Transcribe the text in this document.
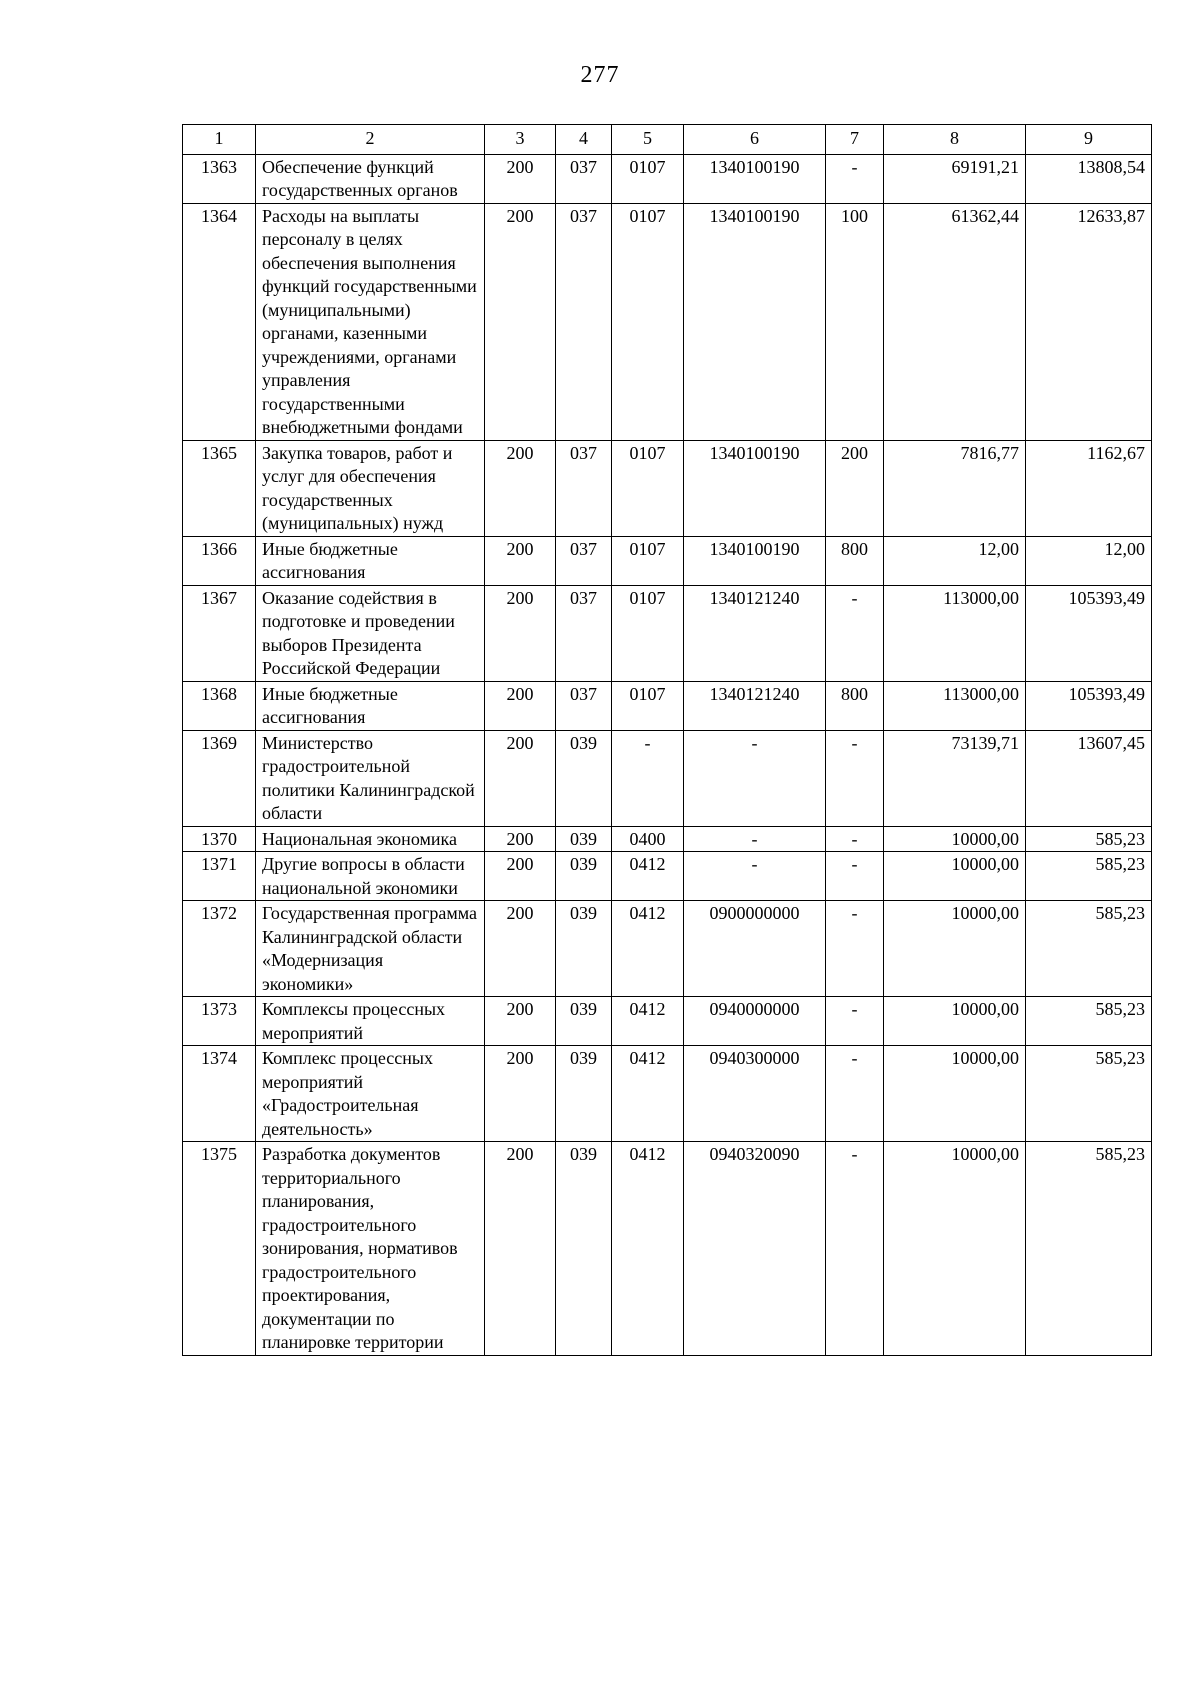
277
1	2	3	4	5	6	7	8	9
1363	Обеспечение функций государственных органов	200	037	0107	1340100190	-	69191,21	13808,54
1364	Расходы на выплаты персоналу в целях обеспечения выполнения функций государственными (муниципальными) органами, казенными учреждениями, органами управления государственными внебюджетными фондами	200	037	0107	1340100190	100	61362,44	12633,87
1365	Закупка товаров, работ и услуг для обеспечения государственных (муниципальных) нужд	200	037	0107	1340100190	200	7816,77	1162,67
1366	Иные бюджетные ассигнования	200	037	0107	1340100190	800	12,00	12,00
1367	Оказание содействия в подготовке и проведении выборов Президента Российской Федерации	200	037	0107	1340121240	-	113000,00	105393,49
1368	Иные бюджетные ассигнования	200	037	0107	1340121240	800	113000,00	105393,49
1369	Министерство градостроительной политики Калининградской области	200	039	-	-	-	73139,71	13607,45
1370	Национальная экономика	200	039	0400	-	-	10000,00	585,23
1371	Другие вопросы в области национальной экономики	200	039	0412	-	-	10000,00	585,23
1372	Государственная программа Калининградской области «Модернизация экономики»	200	039	0412	0900000000	-	10000,00	585,23
1373	Комплексы процессных мероприятий	200	039	0412	0940000000	-	10000,00	585,23
1374	Комплекс процессных мероприятий «Градостроительная деятельность»	200	039	0412	0940300000	-	10000,00	585,23
1375	Разработка документов территориального планирования, градостроительного зонирования, нормативов градостроительного проектирования, документации по планировке территории	200	039	0412	0940320090	-	10000,00	585,23
